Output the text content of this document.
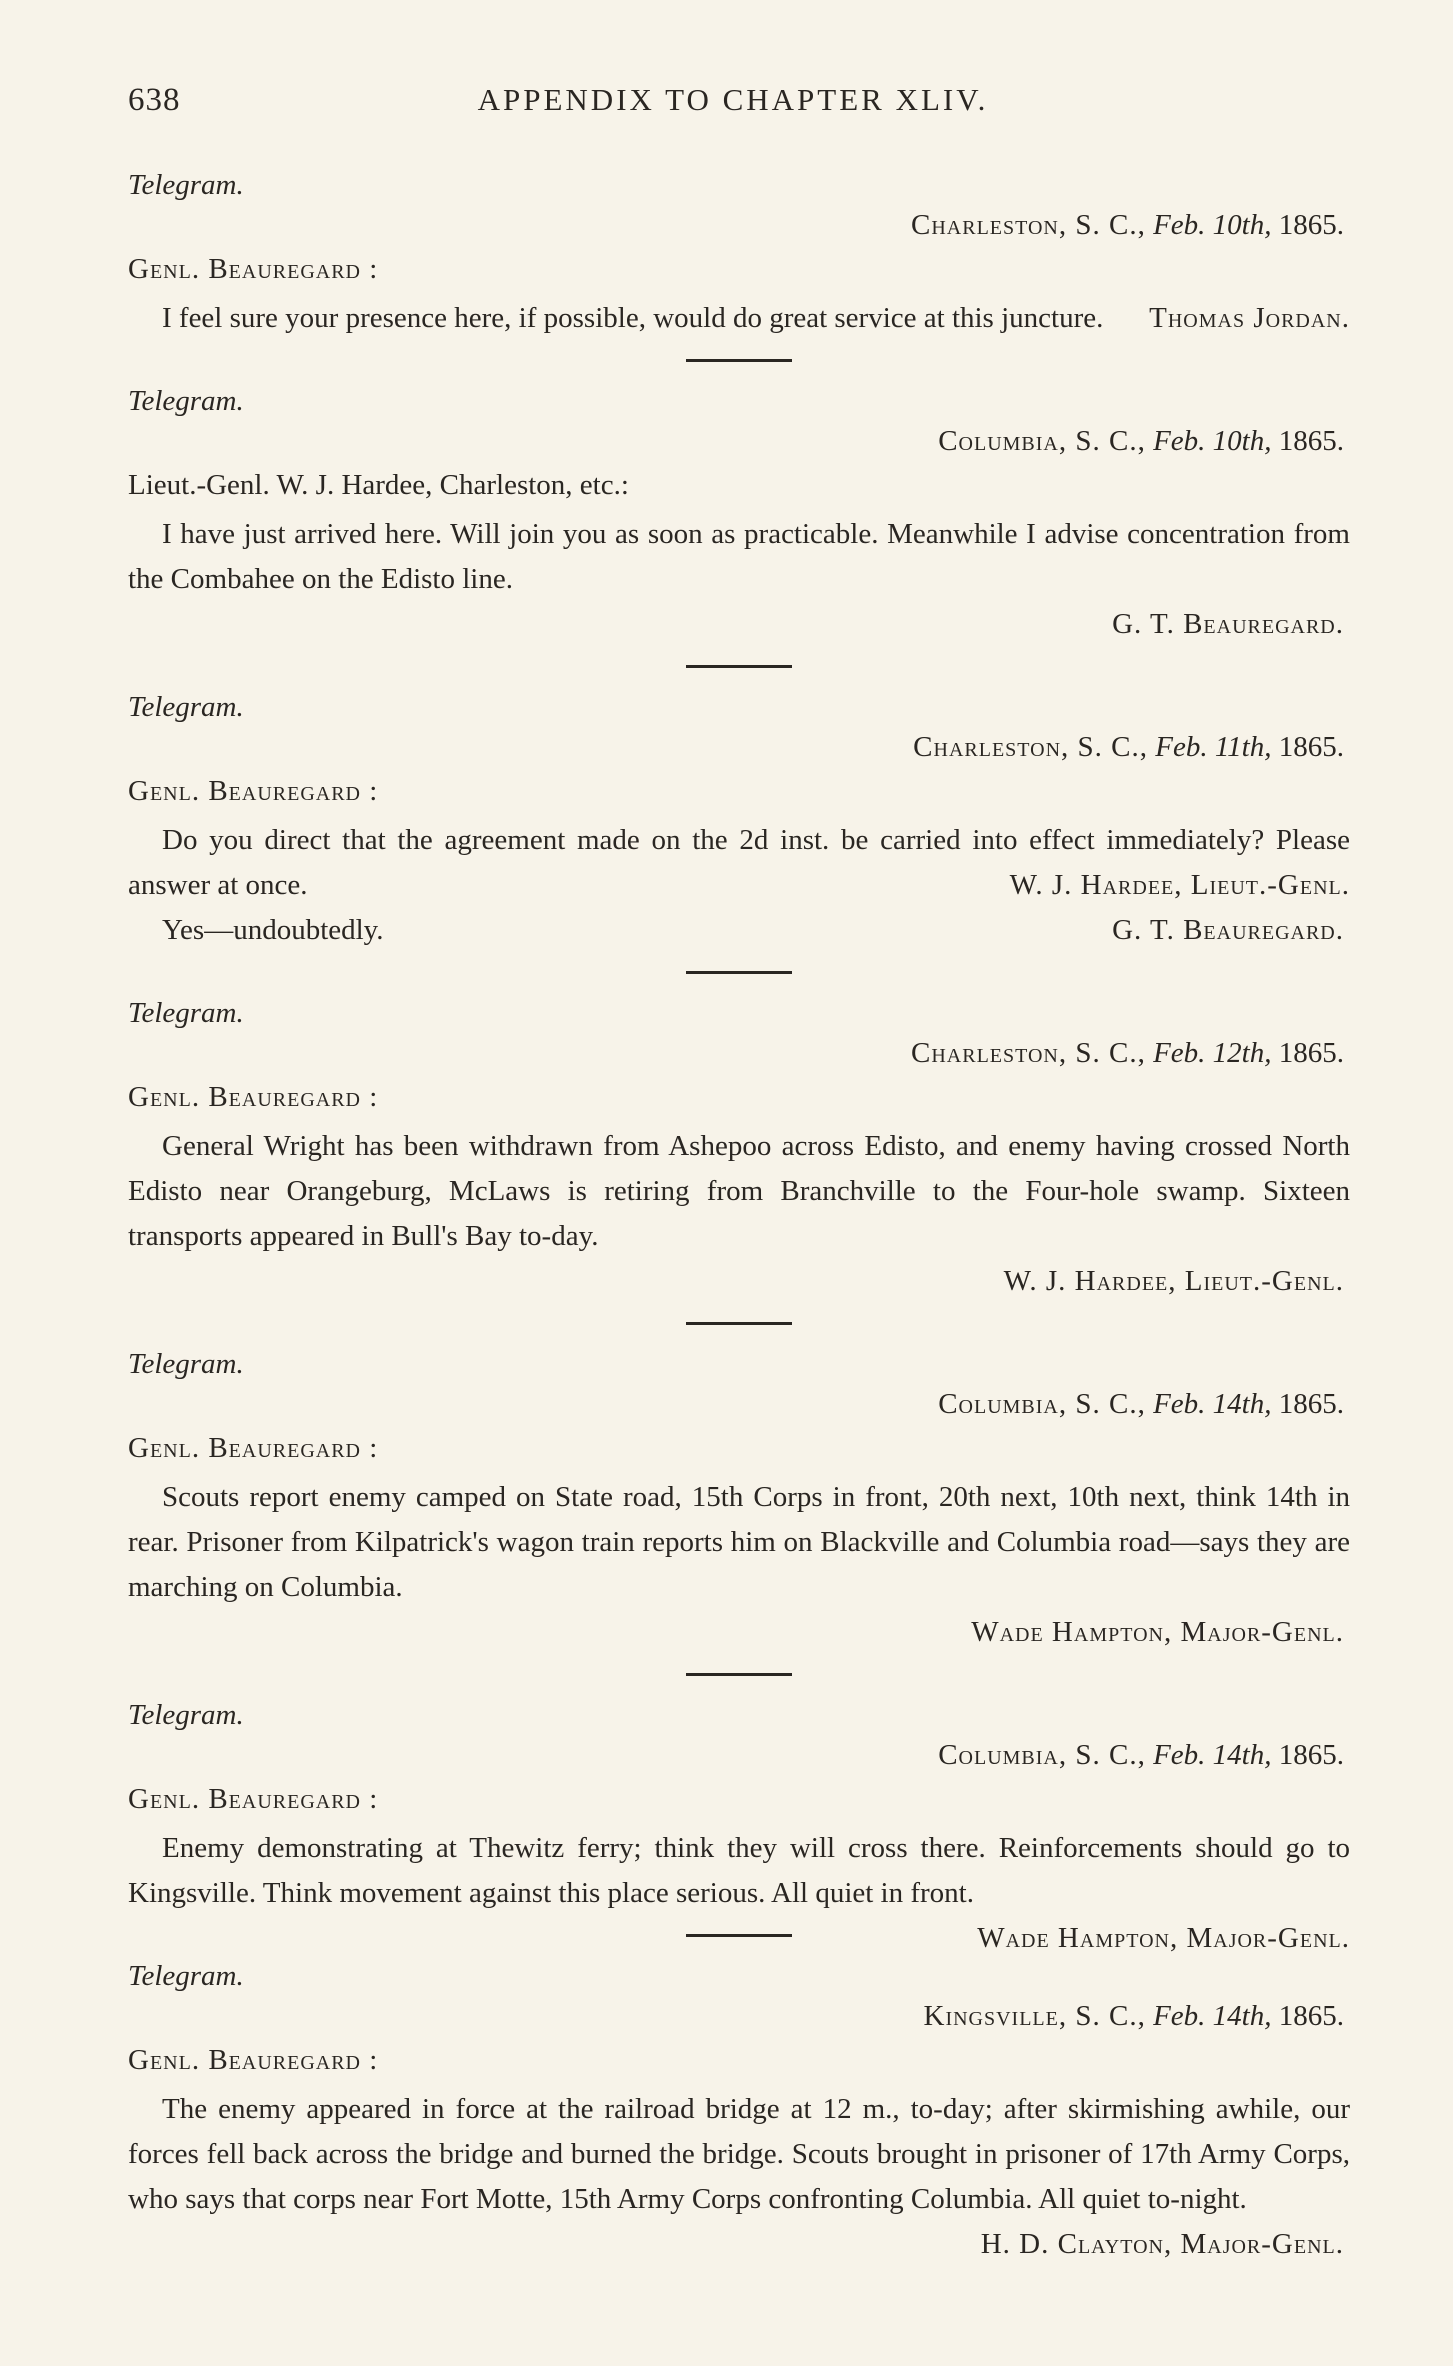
638	APPENDIX TO CHAPTER XLIV.
Telegram.
Charleston, S. C., Feb. 10th, 1865.
Genl. Beauregard :
I feel sure your presence here, if possible, would do great service at this juncture.	Thomas Jordan.
Telegram.
Columbia, S. C., Feb. 10th, 1865.
Lieut.-Genl. W. J. Hardee, Charleston, etc.:
I have just arrived here. Will join you as soon as practicable. Meanwhile I advise concentration from the Combahee on the Edisto line.
G. T. Beauregard.
Telegram.
Charleston, S. C., Feb. 11th, 1865.
Genl. Beauregard :
Do you direct that the agreement made on the 2d inst. be carried into effect immediately? Please answer at once.	W. J. Hardee, Lieut.-Genl.
Yes—undoubtedly.	G. T. Beauregard.
Telegram.
Charleston, S. C., Feb. 12th, 1865.
Genl. Beauregard :
General Wright has been withdrawn from Ashepoo across Edisto, and enemy having crossed North Edisto near Orangeburg, McLaws is retiring from Branchville to the Four-hole swamp. Sixteen transports appeared in Bull's Bay to-day.
W. J. Hardee, Lieut.-Genl.
Telegram.
Columbia, S. C., Feb. 14th, 1865.
Genl. Beauregard :
Scouts report enemy camped on State road, 15th Corps in front, 20th next, 10th next, think 14th in rear. Prisoner from Kilpatrick's wagon train reports him on Blackville and Columbia road—says they are marching on Columbia.
Wade Hampton, Major-Genl.
Telegram.
Columbia, S. C., Feb. 14th, 1865.
Genl. Beauregard :
Enemy demonstrating at Thewitz ferry; think they will cross there. Reinforcements should go to Kingsville. Think movement against this place serious. All quiet in front.
Wade Hampton, Major-Genl.
Telegram.
Kingsville, S. C., Feb. 14th, 1865.
Genl. Beauregard :
The enemy appeared in force at the railroad bridge at 12 m., to-day; after skirmishing awhile, our forces fell back across the bridge and burned the bridge. Scouts brought in prisoner of 17th Army Corps, who says that corps near Fort Motte, 15th Army Corps confronting Columbia. All quiet to-night.
H. D. Clayton, Major-Genl.
